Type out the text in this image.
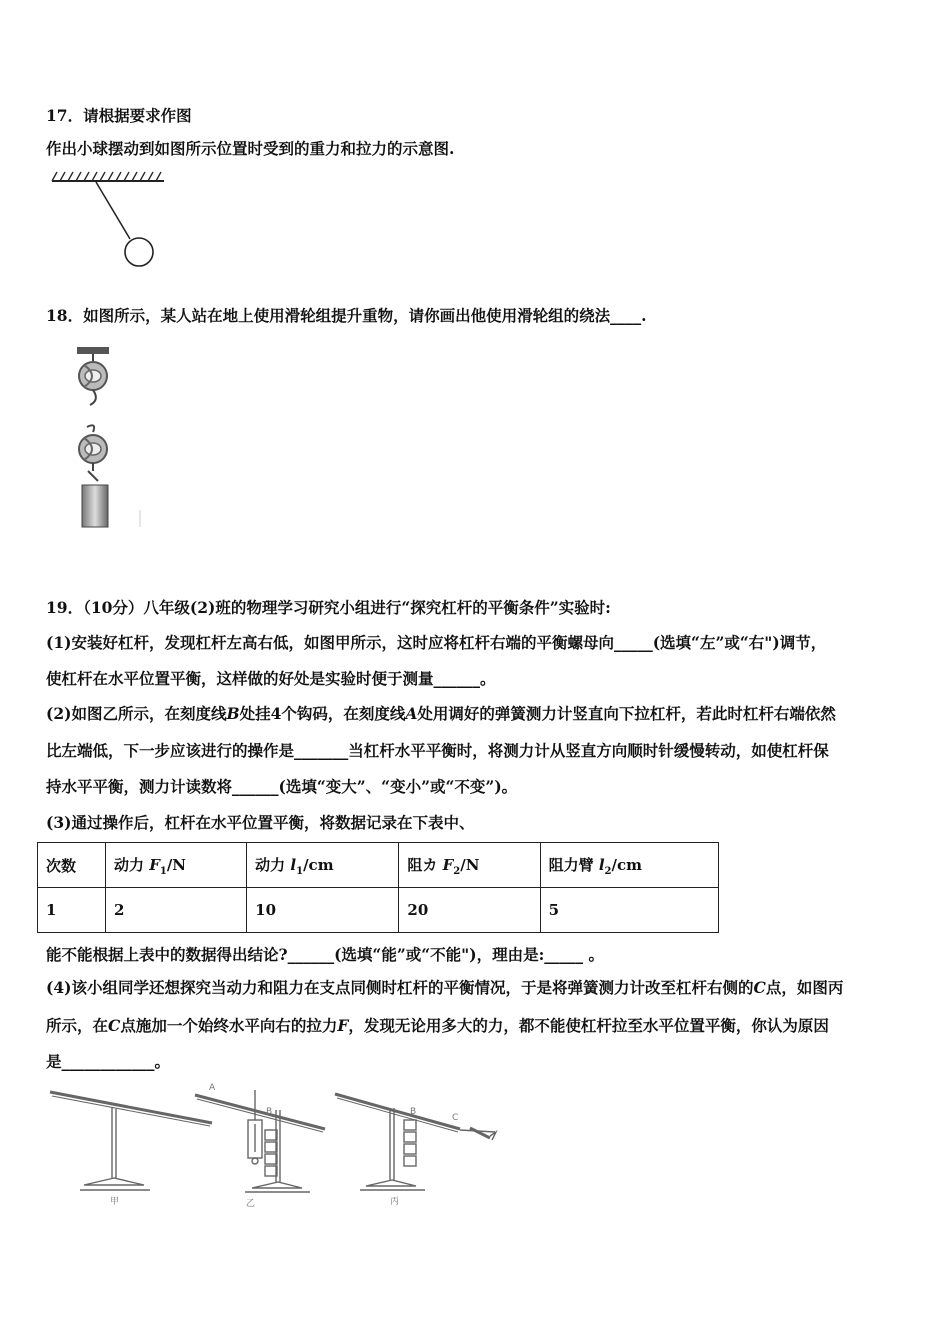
17．请根据要求作图
作出小球摆动到如图所示位置时受到的重力和拉力的示意图.
18．如图所示，某人站在地上使用滑轮组提升重物，请你画出他使用滑轮组的绕法____.
19．（10分）八年级(2)班的物理学习研究小组进行“探究杠杆的平衡条件”实验时:
(1)安装好杠杆，发现杠杆左高右低，如图甲所示，这时应将杠杆右端的平衡螺母向_____(选填“左”或“右")调节，
使杠杆在水平位置平衡，这样做的好处是实验时便于测量______。
(2)如图乙所示，在刻度线B处挂4个钩码，在刻度线A处用调好的弹簧测力计竖直向下拉杠杆，若此时杠杆右端依然
比左端低，下一步应该进行的操作是_______当杠杆水平平衡时，将测力计从竖直方向顺时针缓慢转动，如使杠杆保
持水平平衡，测力计读数将______(选填“变大”、“变小”或“不变”)。
(3)通过操作后，杠杆在水平位置平衡，将数据记录在下表中、
次数	动力 $F_1/N$	动力 $l_1/cm$	阻カ $F_2/N$	阻力臂 $l_2/cm$
1	2	10	20	5
能不能根据上表中的数据得出结论?______(选填“能”或“不能")，理由是:_____ 。
(4)该小组同学还想探究当动力和阻力在支点同侧时杠杆的平衡情况，于是将弹簧测力计改至杠杆右侧的C点，如图丙
所示，在C点施加一个始终水平向右的拉力F，发现无论用多大的力，都不能使杠杆拉至水平位置平衡，你认为原因
是____________。
甲
A
B
乙
B
C
丙
